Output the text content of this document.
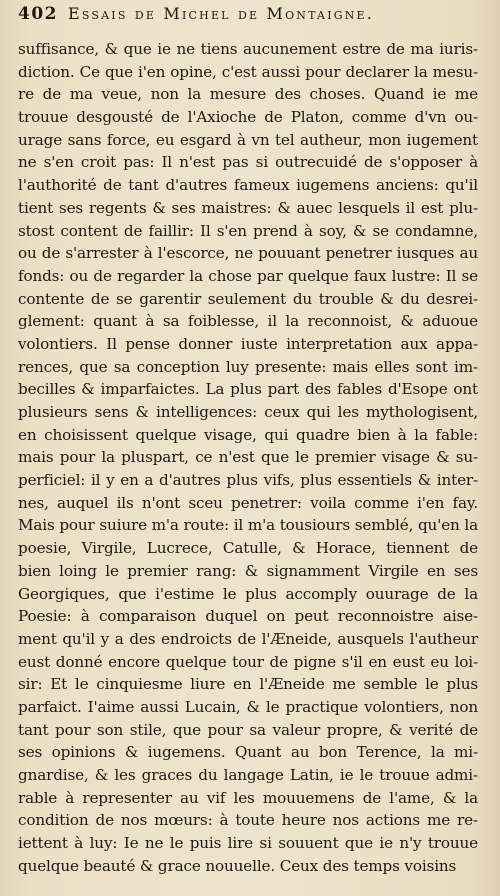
402 Essais de Michel de Montaigne.
suffisance, & que ie ne tiens aucunement estre de ma iuris-
diction. Ce que i'en opine, c'est aussi pour declarer la mesu-
re de ma veue, non la mesure des choses. Quand ie me
trouue desgousté de l'Axioche de Platon, comme d'vn ou-
urage sans force, eu esgard à vn tel autheur, mon iugement
ne s'en croit pas: Il n'est pas si outrecuidé de s'opposer à
l'authorité de tant d'autres fameux iugemens anciens: qu'il
tient ses regents & ses maistres: & auec lesquels il est plu-
stost content de faillir: Il s'en prend à soy, & se condamne,
ou de s'arrester à l'escorce, ne pouuant penetrer iusques au
fonds: ou de regarder la chose par quelque faux lustre: Il se
contente de se garentir seulement du trouble & du desrei-
glement: quant à sa foiblesse, il la reconnoist, & aduoue
volontiers. Il pense donner iuste interpretation aux appa-
rences, que sa conception luy presente: mais elles sont im-
becilles & imparfaictes. La plus part des fables d'Esope ont
plusieurs sens & intelligences: ceux qui les mythologisent,
en choisissent quelque visage, qui quadre bien à la fable:
mais pour la pluspart, ce n'est que le premier visage & su-
perficiel: il y en a d'autres plus vifs, plus essentiels & inter-
nes, auquel ils n'ont sceu penetrer: voila comme i'en fay.
Mais pour suiure m'a route: il m'a tousiours semblé, qu'en la
poesie, Virgile, Lucrece, Catulle, & Horace, tiennent de
bien loing le premier rang: & signamment Virgile en ses
Georgiques, que i'estime le plus accomply ouurage de la
Poesie: à comparaison duquel on peut reconnoistre aise-
ment qu'il y a des endroicts de l'Æneide, ausquels l'autheur
eust donné encore quelque tour de pigne s'il en eust eu loi-
sir: Et le cinquiesme liure en l'Æneide me semble le plus
parfaict. I'aime aussi Lucain, & le practique volontiers, non
tant pour son stile, que pour sa valeur propre, & verité de
ses opinions & iugemens. Quant au bon Terence, la mi-
gnardise, & les graces du langage Latin, ie le trouue admi-
rable à representer au vif les mouuemens de l'ame, & la
condition de nos mœurs: à toute heure nos actions me re-
iettent à luy: Ie ne le puis lire si souuent que ie n'y trouue
quelque beauté & grace nouuelle. Ceux des temps voisins
